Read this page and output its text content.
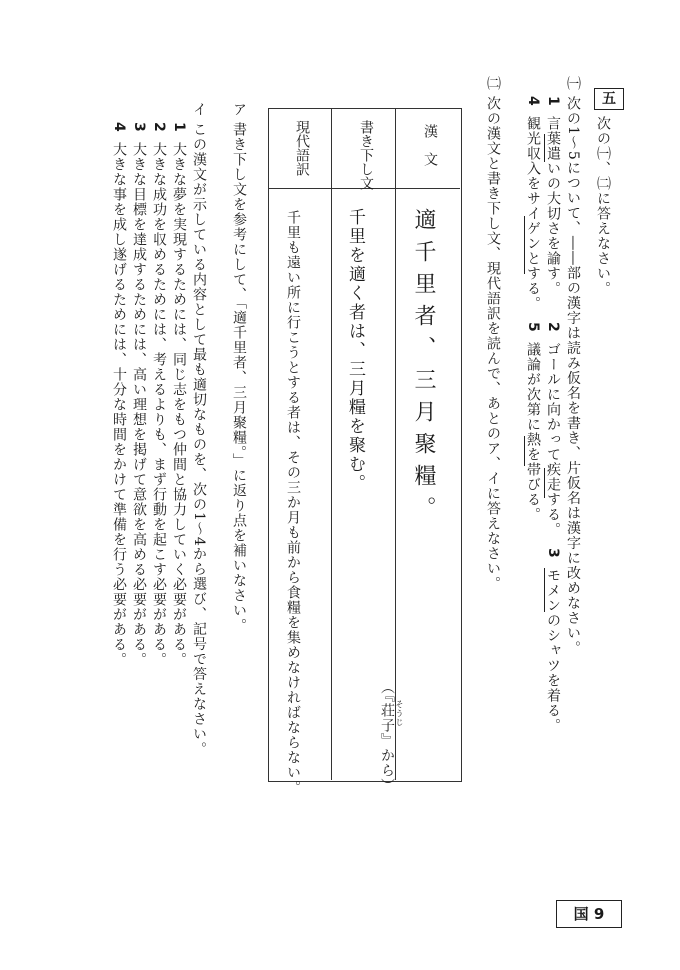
五
次の㈠、㈡に答えなさい。
㈠
次の1～5について、――部の漢字は読み仮名を書き、片仮名は漢字に改めなさい。
1
言葉遣いの大切さを諭す。
2
ゴールに向かって疾走する。
3
モメンのシャツを着る。
4
観光収入をサイゲンとする。
5
議論が次第に熱を帯びる。
㈡
次の漢文と書き下し文、現代語訳を読んで、あとのア、イに答えなさい。
漢文
書き下し文
現代語訳
適千里者、三月聚糧。
千里を適く者は、三月糧を聚む。
千里も遠い所に行こうとする者は、その三か月も前から食糧を集めなければならない。	（『荘子』から） そうじ
ア
書き下し文を参考にして、「適千里者、三月聚糧。」に返り点を補いなさい。
イ
この漢文が示している内容として最も適切なものを、次の1～4から選び、記号で答えなさい。
1
大きな夢を実現するためには、同じ志をもつ仲間と協力していく必要がある。
2
大きな成功を収めるためには、考えるよりも、まず行動を起こす必要がある。
3
大きな目標を達成するためには、高い理想を掲げて意欲を高める必要がある。
4
大きな事を成し遂げるためには、十分な時間をかけて準備を行う必要がある。
国 9
